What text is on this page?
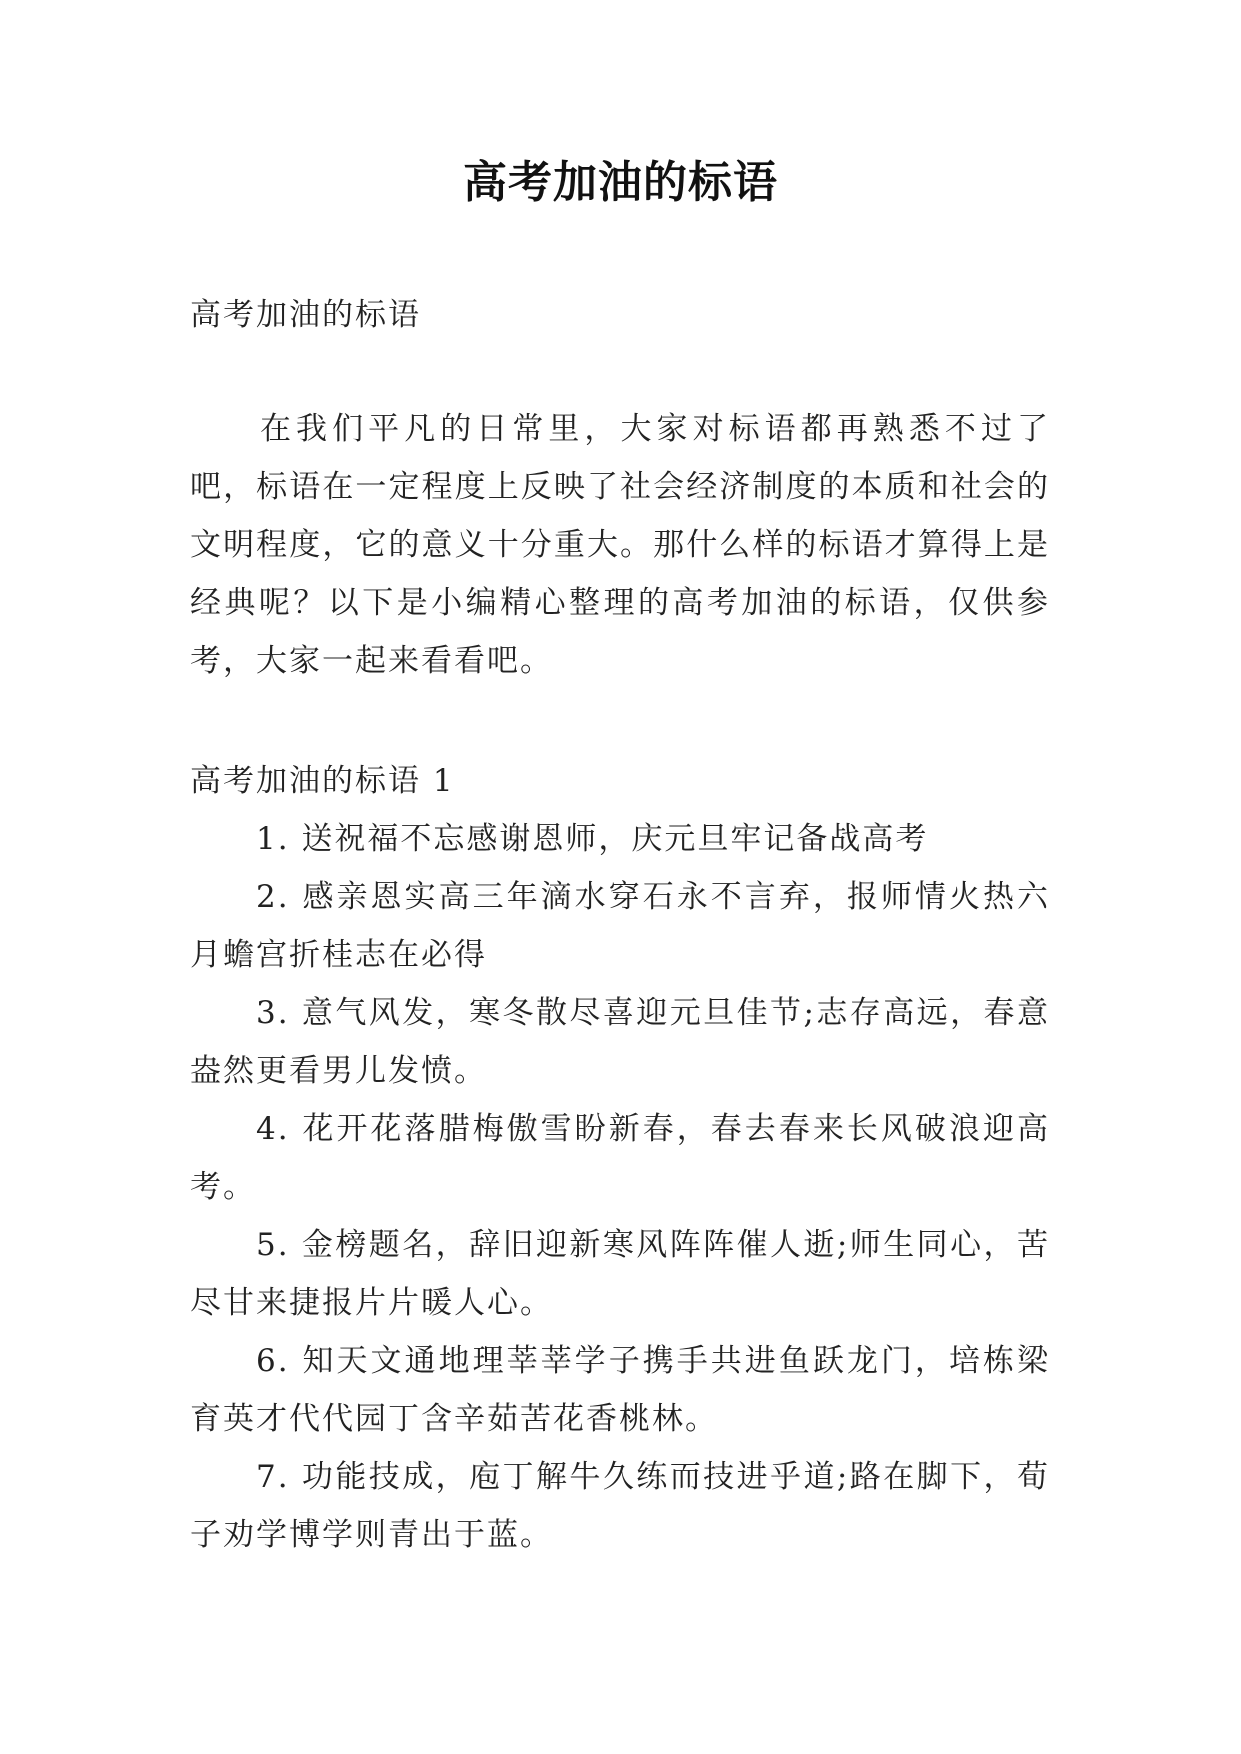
高考加油的标语
高考加油的标语
在我们平凡的日常里，大家对标语都再熟悉不过了吧，标语在一定程度上反映了社会经济制度的本质和社会的文明程度，它的意义十分重大。那什么样的标语才算得上是经典呢？以下是小编精心整理的高考加油的标语，仅供参考，大家一起来看看吧。
高考加油的标语 1
1. 送祝福不忘感谢恩师，庆元旦牢记备战高考
2. 感亲恩实高三年滴水穿石永不言弃，报师情火热六月蟾宫折桂志在必得
3. 意气风发，寒冬散尽喜迎元旦佳节;志存高远，春意盎然更看男儿发愤。
4. 花开花落腊梅傲雪盼新春，春去春来长风破浪迎高考。
5. 金榜题名，辞旧迎新寒风阵阵催人逝;师生同心，苦尽甘来捷报片片暖人心。
6. 知天文通地理莘莘学子携手共进鱼跃龙门，培栋梁育英才代代园丁含辛茹苦花香桃林。
7. 功能技成，庖丁解牛久练而技进乎道;路在脚下，荀子劝学博学则青出于蓝。
